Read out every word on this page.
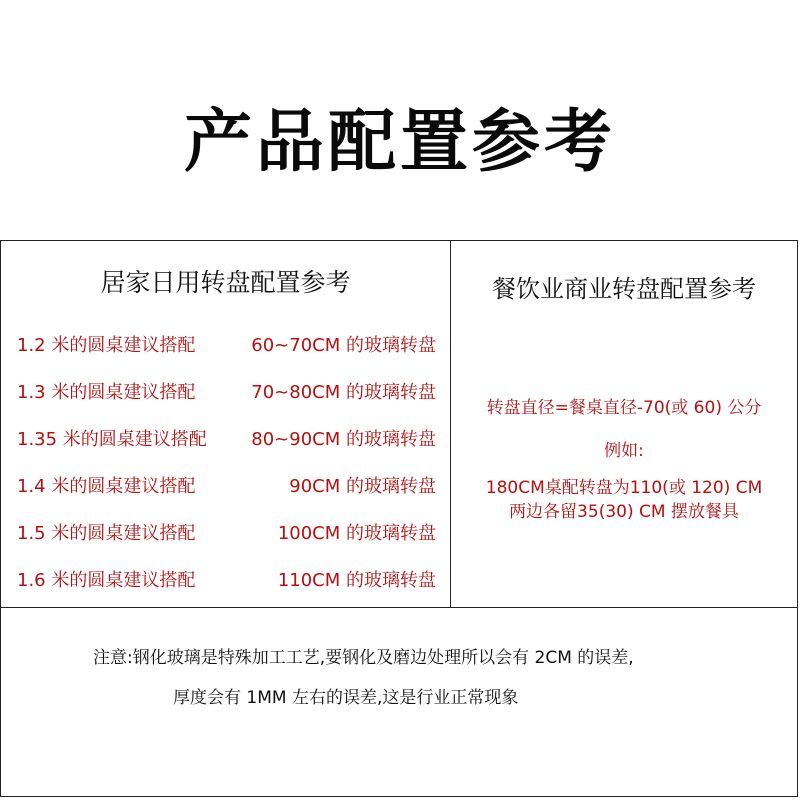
产品配置参考
居家日用转盘配置参考
1.2 米的圆桌建议搭配	60~70CM 的玻璃转盘
1.3 米的圆桌建议搭配	70~80CM 的玻璃转盘
1.35 米的圆桌建议搭配 80~90CM 的玻璃转盘
1.4 米的圆桌建议搭配	90CM 的玻璃转盘
1.5 米的圆桌建议搭配	100CM 的玻璃转盘
1.6 米的圆桌建议搭配	110CM 的玻璃转盘
餐饮业商业转盘配置参考
转盘直径=餐桌直径-70(或 60) 公分
例如:
180CM桌配转盘为110(或 120) CM
两边各留35(30) CM 摆放餐具
注意:钢化玻璃是特殊加工工艺,要钢化及磨边处理所以会有 2CM 的误差,
厚度会有 1MM 左右的误差,这是行业正常现象
